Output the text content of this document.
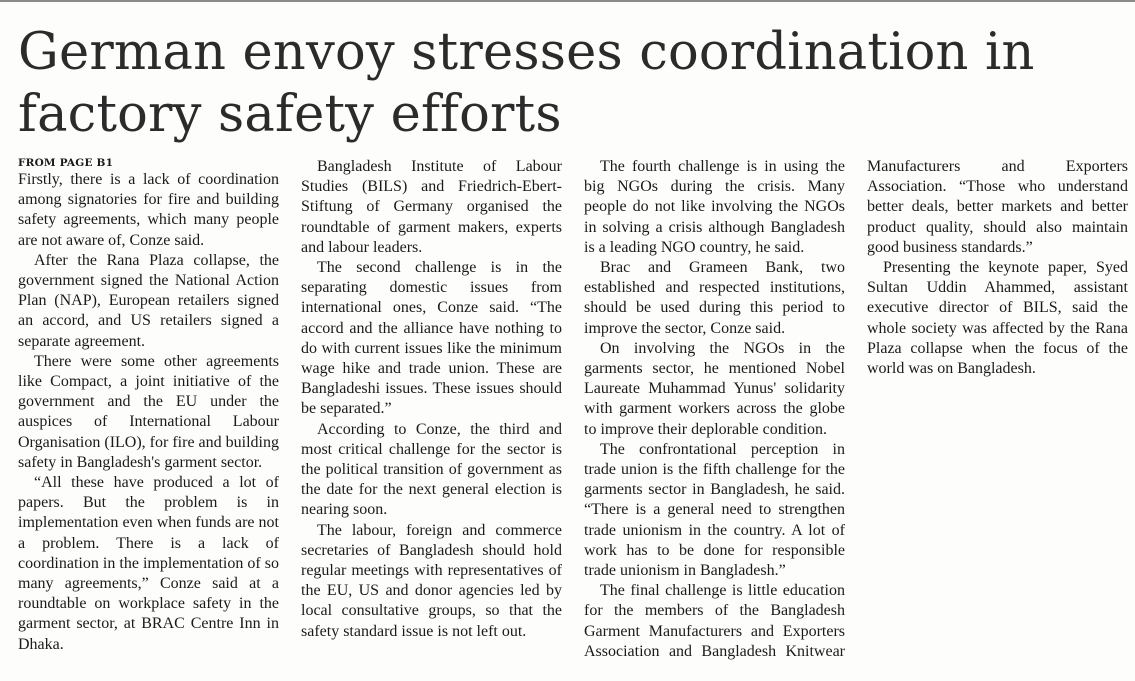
German envoy stresses coordination in factory safety efforts
FROM PAGE B1

Firstly, there is a lack of coordination among signatories for fire and building safety agreements, which many people are not aware of, Conze said.

After the Rana Plaza collapse, the government signed the National Action Plan (NAP), European retailers signed an accord, and US retailers signed a separate agreement.

There were some other agreements like Compact, a joint initiative of the government and the EU under the auspices of International Labour Organisation (ILO), for fire and building safety in Bangladesh's garment sector.

“All these have produced a lot of papers. But the problem is in implementation even when funds are not a problem. There is a lack of coordination in the implementation of so many agreements,” Conze said at a roundtable on workplace safety in the garment sector, at BRAC Centre Inn in Dhaka.

Bangladesh Institute of Labour Studies (BILS) and Friedrich-Ebert-Stiftung of Germany organised the roundtable of garment makers, experts and labour leaders.

The second challenge is in the separating domestic issues from international ones, Conze said. “The accord and the alliance have nothing to do with current issues like the minimum wage hike and trade union. These are Bangladeshi issues. These issues should be separated.”

According to Conze, the third and most critical challenge for the sector is the political transition of government as the date for the next general election is nearing soon.

The labour, foreign and commerce secretaries of Bangladesh should hold regular meetings with representatives of the EU, US and donor agencies led by local consultative groups, so that the safety standard issue is not left out.

The fourth challenge is in using the big NGOs during the crisis. Many people do not like involving the NGOs in solving a crisis although Bangladesh is a leading NGO country, he said.

Brac and Grameen Bank, two established and respected institutions, should be used during this period to improve the sector, Conze said.

On involving the NGOs in the garments sector, he mentioned Nobel Laureate Muhammad Yunus' solidarity with garment workers across the globe to improve their deplorable condition.

The confrontational perception in trade union is the fifth challenge for the garments sector in Bangladesh, he said. “There is a general need to strengthen trade unionism in the country. A lot of work has to be done for responsible trade unionism in Bangladesh.”

The final challenge is little education for the members of the Bangladesh Garment Manufacturers and Exporters Association and Bangladesh Knitwear Manufacturers and Exporters Association. “Those who understand better deals, better markets and better product quality, should also maintain good business standards.”

Presenting the keynote paper, Syed Sultan Uddin Ahammed, assistant executive director of BILS, said the whole society was affected by the Rana Plaza collapse when the focus of the world was on Bangladesh.
